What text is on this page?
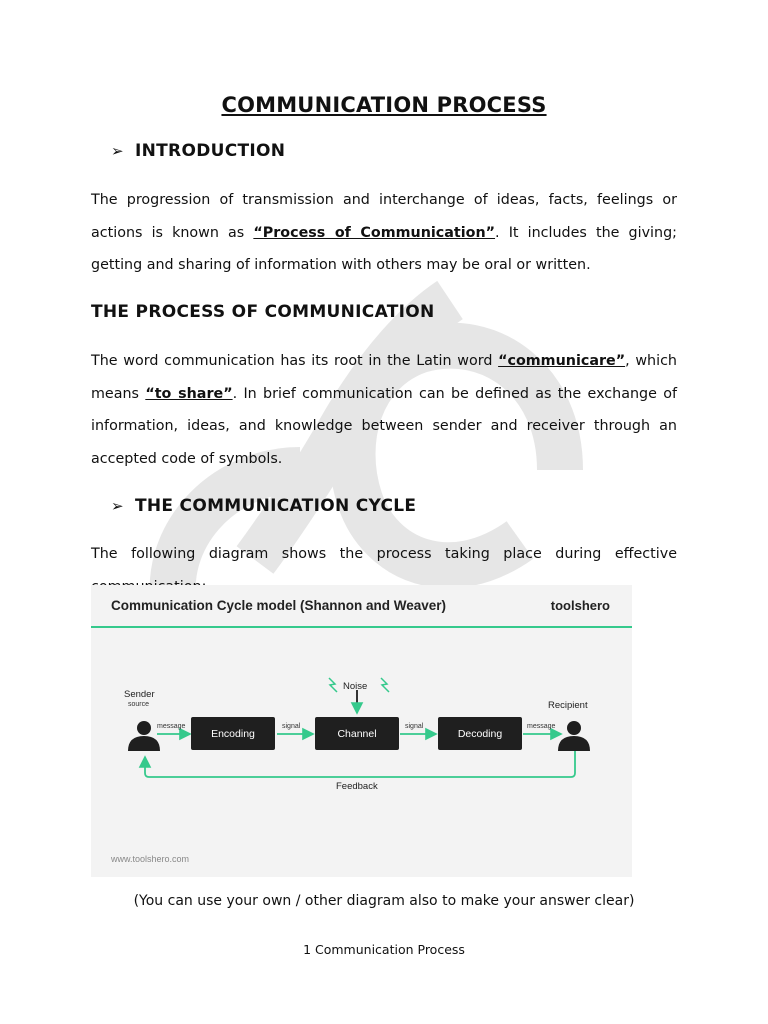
COMMUNICATION PROCESS
➢ INTRODUCTION
The progression of transmission and interchange of ideas, facts, feelings or actions is known as “Process of Communication”. It includes the giving; getting and sharing of information with others may be oral or written.
THE PROCESS OF COMMUNICATION
The word communication has its root in the Latin word “communicare”, which means “to share”. In brief communication can be defined as the exchange of information, ideas, and knowledge between sender and receiver through an accepted code of symbols.
➢ THE COMMUNICATION CYCLE
The following diagram shows the process taking place during effective
Communication Cycle model (Shannon and Weaver)	toolshero
Sender
source	Recipient
Noise
Encoding	Channel	Decoding
message	signal	signal	message
Feedback
www.toolshero.com
(You can use your own / other diagram also to make your answer clear)
1 Communication Process
